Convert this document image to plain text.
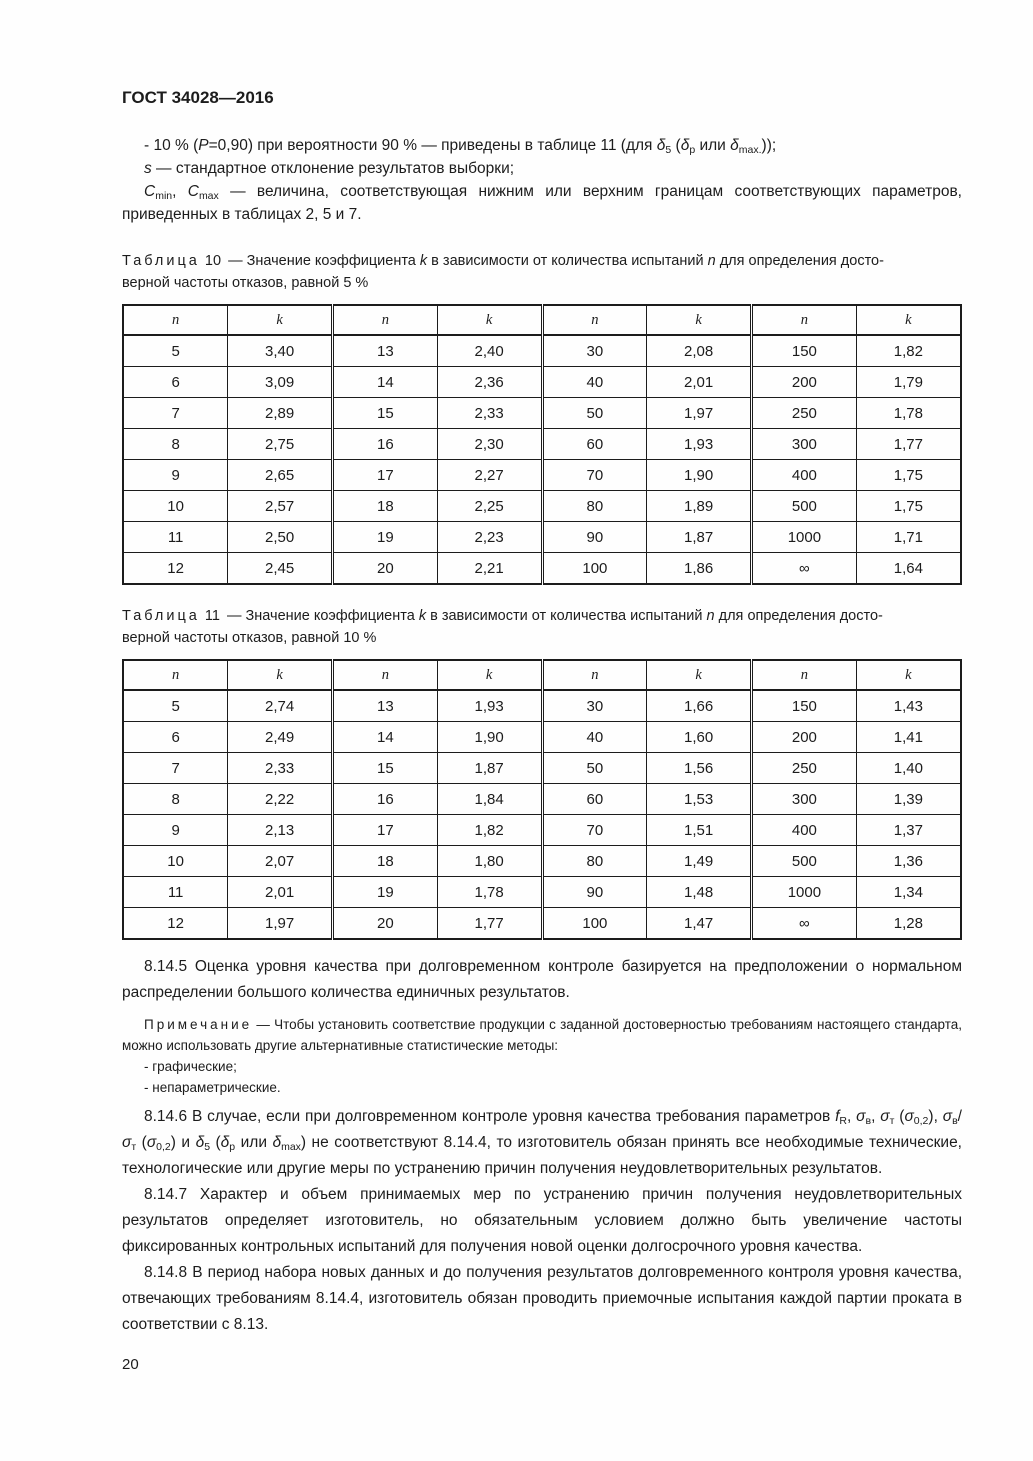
ГОСТ 34028—2016

- 10 % (P=0,90) при вероятности 90 % — приведены в таблице 11 (для $\delta_5$ ($\delta_p$ или $\delta_{max.}$));

s — стандартное отклонение результатов выборки;

$C_{min}$, $C_{max}$ — величина, соответствующая нижним или верхним границам соответствующих параметров, приведенных в таблицах 2, 5 и 7.

Таблица 10 — Значение коэффициента k в зависимости от количества испытаний n для определения досто-
верной частоты отказов, равной 5 %

n	k	n	k	n	k	n	k
5	3,40	13	2,40	30	2,08	150	1,82
6	3,09	14	2,36	40	2,01	200	1,79
7	2,89	15	2,33	50	1,97	250	1,78
8	2,75	16	2,30	60	1,93	300	1,77
9	2,65	17	2,27	70	1,90	400	1,75
10	2,57	18	2,25	80	1,89	500	1,75
11	2,50	19	2,23	90	1,87	1000	1,71
12	2,45	20	2,21	100	1,86	∞	1,64

Таблица 11 — Значение коэффициента k в зависимости от количества испытаний n для определения досто-
верной частоты отказов, равной 10 %

n	k	n	k	n	k	n	k
5	2,74	13	1,93	30	1,66	150	1,43
6	2,49	14	1,90	40	1,60	200	1,41
7	2,33	15	1,87	50	1,56	250	1,40
8	2,22	16	1,84	60	1,53	300	1,39
9	2,13	17	1,82	70	1,51	400	1,37
10	2,07	18	1,80	80	1,49	500	1,36
11	2,01	19	1,78	90	1,48	1000	1,34
12	1,97	20	1,77	100	1,47	∞	1,28

8.14.5 Оценка уровня качества при долговременном контроле базируется на предположении о нормальном распределении большого количества единичных результатов.

Примечание — Чтобы установить соответствие продукции с заданной достоверностью требованиям настоящего стандарта, можно использовать другие альтернативные статистические методы:

- графические;

- непараметрические.

8.14.6 В случае, если при долговременном контроле уровня качества требования параметров $f_R$, $\sigma_в$, $\sigma_т$ $(\sigma_{0,2})$, $\sigma_в/\sigma_т$ $(\sigma_{0,2})$ и $\delta_5$ ($\delta_p$ или $\delta_{max}$) не соответствуют 8.14.4, то изготовитель обязан принять все необходимые технические, технологические или другие меры по устранению причин получения неудовлетворительных результатов.

8.14.7 Характер и объем принимаемых мер по устранению причин получения неудовлетворительных результатов определяет изготовитель, но обязательным условием должно быть увеличение частоты фиксированных контрольных испытаний для получения новой оценки долгосрочного уровня качества.

8.14.8 В период набора новых данных и до получения результатов долговременного контроля уровня качества, отвечающих требованиям 8.14.4, изготовитель обязан проводить приемочные испытания каждой партии проката в соответствии с 8.13.

20
